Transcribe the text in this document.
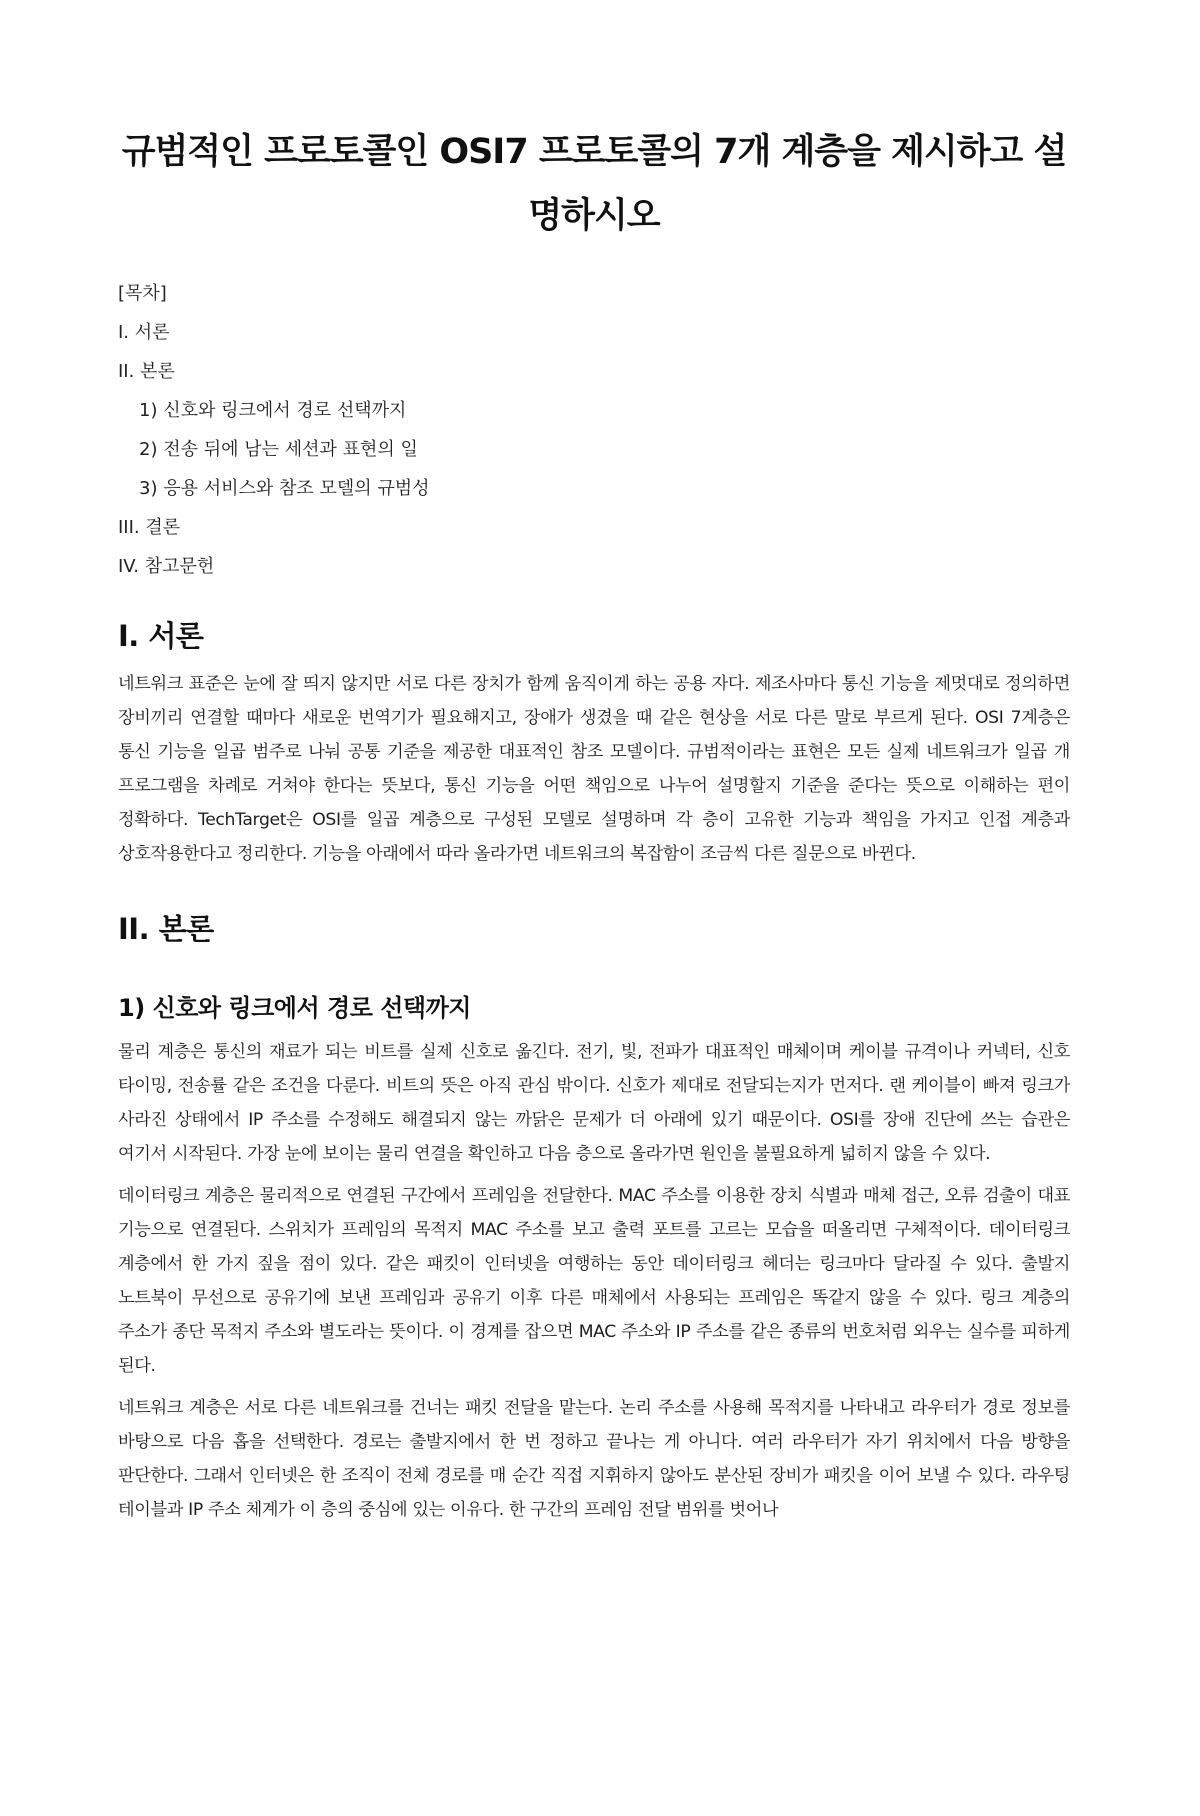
규범적인 프로토콜인 OSI7 프로토콜의 7개 계층을 제시하고 설명하시오
[목차]
I. 서론
II. 본론
1) 신호와 링크에서 경로 선택까지
2) 전송 뒤에 남는 세션과 표현의 일
3) 응용 서비스와 참조 모델의 규범성
III. 결론
IV. 참고문헌
I. 서론

네트워크 표준은 눈에 잘 띄지 않지만 서로 다른 장치가 함께 움직이게 하는 공용 자다. 제조사마다 통신 기능을 제멋대로 정의하면 장비끼리 연결할 때마다 새로운 번역기가 필요해지고, 장애가 생겼을 때 같은 현상을 서로 다른 말로 부르게 된다. OSI 7계층은 통신 기능을 일곱 범주로 나눠 공통 기준을 제공한 대표적인 참조 모델이다. 규범적이라는 표현은 모든 실제 네트워크가 일곱 개 프로그램을 차례로 거쳐야 한다는 뜻보다, 통신 기능을 어떤 책임으로 나누어 설명할지 기준을 준다는 뜻으로 이해하는 편이 정확하다. TechTarget은 OSI를 일곱 계층으로 구성된 모델로 설명하며 각 층이 고유한 기능과 책임을 가지고 인접 계층과 상호작용한다고 정리한다. 기능을 아래에서 따라 올라가면 네트워크의 복잡함이 조금씩 다른 질문으로 바뀐다.

II. 본론
1) 신호와 링크에서 경로 선택까지

물리 계층은 통신의 재료가 되는 비트를 실제 신호로 옮긴다. 전기, 빛, 전파가 대표적인 매체이며 케이블 규격이나 커넥터, 신호 타이밍, 전송률 같은 조건을 다룬다. 비트의 뜻은 아직 관심 밖이다. 신호가 제대로 전달되는지가 먼저다. 랜 케이블이 빠져 링크가 사라진 상태에서 IP 주소를 수정해도 해결되지 않는 까닭은 문제가 더 아래에 있기 때문이다. OSI를 장애 진단에 쓰는 습관은 여기서 시작된다. 가장 눈에 보이는 물리 연결을 확인하고 다음 층으로 올라가면 원인을 불필요하게 넓히지 않을 수 있다.

데이터링크 계층은 물리적으로 연결된 구간에서 프레임을 전달한다. MAC 주소를 이용한 장치 식별과 매체 접근, 오류 검출이 대표 기능으로 연결된다. 스위치가 프레임의 목적지 MAC 주소를 보고 출력 포트를 고르는 모습을 떠올리면 구체적이다. 데이터링크 계층에서 한 가지 짚을 점이 있다. 같은 패킷이 인터넷을 여행하는 동안 데이터링크 헤더는 링크마다 달라질 수 있다. 출발지 노트북이 무선으로 공유기에 보낸 프레임과 공유기 이후 다른 매체에서 사용되는 프레임은 똑같지 않을 수 있다. 링크 계층의 주소가 종단 목적지 주소와 별도라는 뜻이다. 이 경계를 잡으면 MAC 주소와 IP 주소를 같은 종류의 번호처럼 외우는 실수를 피하게 된다.

네트워크 계층은 서로 다른 네트워크를 건너는 패킷 전달을 맡는다. 논리 주소를 사용해 목적지를 나타내고 라우터가 경로 정보를 바탕으로 다음 홉을 선택한다. 경로는 출발지에서 한 번 정하고 끝나는 게 아니다. 여러 라우터가 자기 위치에서 다음 방향을 판단한다. 그래서 인터넷은 한 조직이 전체 경로를 매 순간 직접 지휘하지 않아도 분산된 장비가 패킷을 이어 보낼 수 있다. 라우팅 테이블과 IP 주소 체계가 이 층의 중심에 있는 이유다. 한 구간의 프레임 전달 범위를 벗어나
